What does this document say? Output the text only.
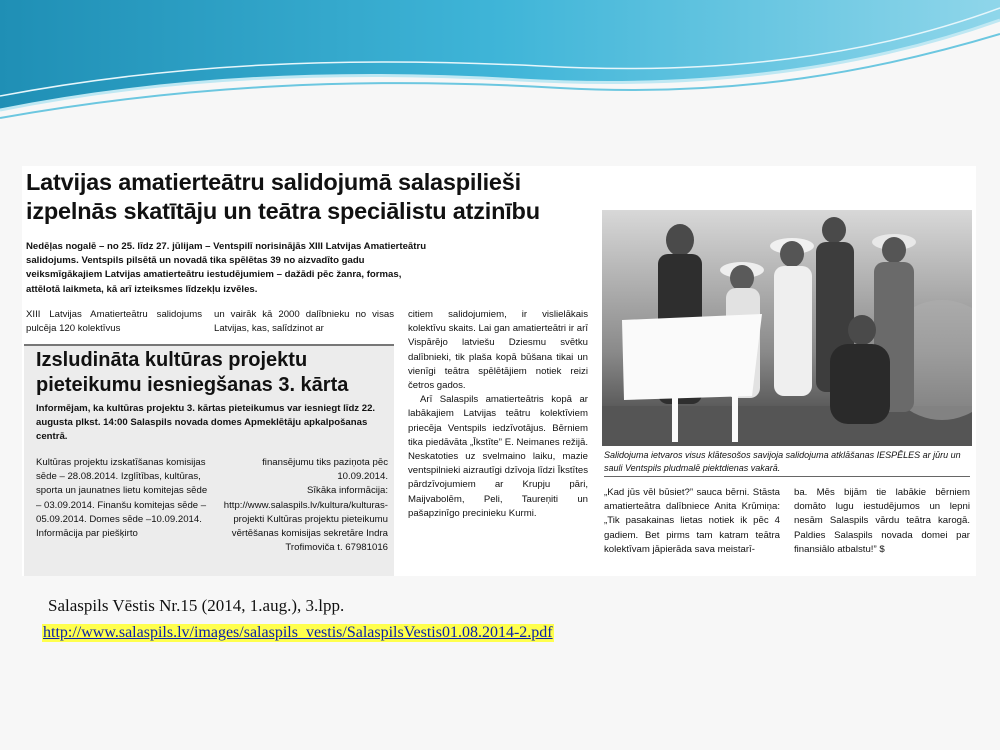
Latvijas amatierteātru salidojumā salaspilieši izpelnās skatītāju un teātra speciālistu atzinību
Nedēļas nogalē – no 25. līdz 27. jūlijam – Ventspilī norisinājās XIII Latvijas Amatierteātru salidojums. Ventspils pilsētā un novadā tika spēlētas 39 no aizvadīto gadu veiksmīgākajiem Latvijas amatierteātru iestudējumiem – dažādi pēc žanra, formas, attēlotā laikmeta, kā arī izteiksmes līdzekļu izvēles.
XIII Latvijas Amatierteātru salidojums pulcēja 120 kolektīvus
un vairāk kā 2000 dalībnieku no visas Latvijas, kas, salīdzinot ar

citiem salidojumiem, ir vislielākais kolektīvu skaits. Lai gan amatierteātri ir arī Vispārējo latviešu Dziesmu svētku dalībnieki, tik plaša kopā būšana tikai un vienīgi teātra spēlētājiem notiek reizi četros gados.

Arī Salaspils amatierteātris kopā ar labākajiem Latvijas teātru kolektīviem priecēja Ventspils iedzīvotājus. Bērniem tika piedāvāta „Īkstīte” E. Neimanes režijā. Neskatoties uz svelmaino laiku, mazie ventspilnieki aizrautīgi dzīvoja līdzi Īkstītes pārdzīvojumiem ar Krupju pāri, Maijvabolēm, Peli, Taureņiti un pašapzinīgo precinieku Kurmi.

Izsludināta kultūras projektu pieteikumu iesniegšanas 3. kārta
Informējam, ka kultūras projektu 3. kārtas pieteikumus var iesniegt līdz 22. augusta plkst. 14:00 Salaspils novada domes Apmeklētāju apkalpošanas centrā.
Kultūras projektu izskatīšanas komisijas sēde – 28.08.2014. Izglītības, kultūras, sporta un jaunatnes lietu komitejas sēde – 03.09.2014. Finanšu komitejas sēde – 05.09.2014. Domes sēde –10.09.2014. Informācija par piešķirto
finansējumu tiks paziņota pēc 10.09.2014.
Sīkāka informācija: http://www.salaspils.lv/kultura/kulturas-projekti Kultūras projektu pieteikumu vērtēšanas komisijas sekretāre Indra Trofimoviča t. 67981016
Salidojuma ietvaros visus klātesošos savijoja salidojuma atklāšanas IESPĒLES ar jūru un sauli Ventspils pludmalē piektdienas vakarā.
„Kad jūs vēl būsiet?” sauca bērni. Stāsta amatierteātra dalībniece Anita Krūmiņa: „Tik pasakainas lietas notiek ik pēc 4 gadiem. Bet pirms tam katram teātra kolektīvam jāpierāda sava meistarī-
ba. Mēs bijām tie labākie bērniem domāto lugu iestudējumos un lepni nesām Salaspils vārdu teātra karogā. Paldies Salaspils novada domei par finansiālo atbalstu!” $
Salaspils Vēstis Nr.15 (2014, 1.aug.), 3.lpp.
http://www.salaspils.lv/images/salaspils_vestis/SalaspilsVestis01.08.2014-2.pdf
